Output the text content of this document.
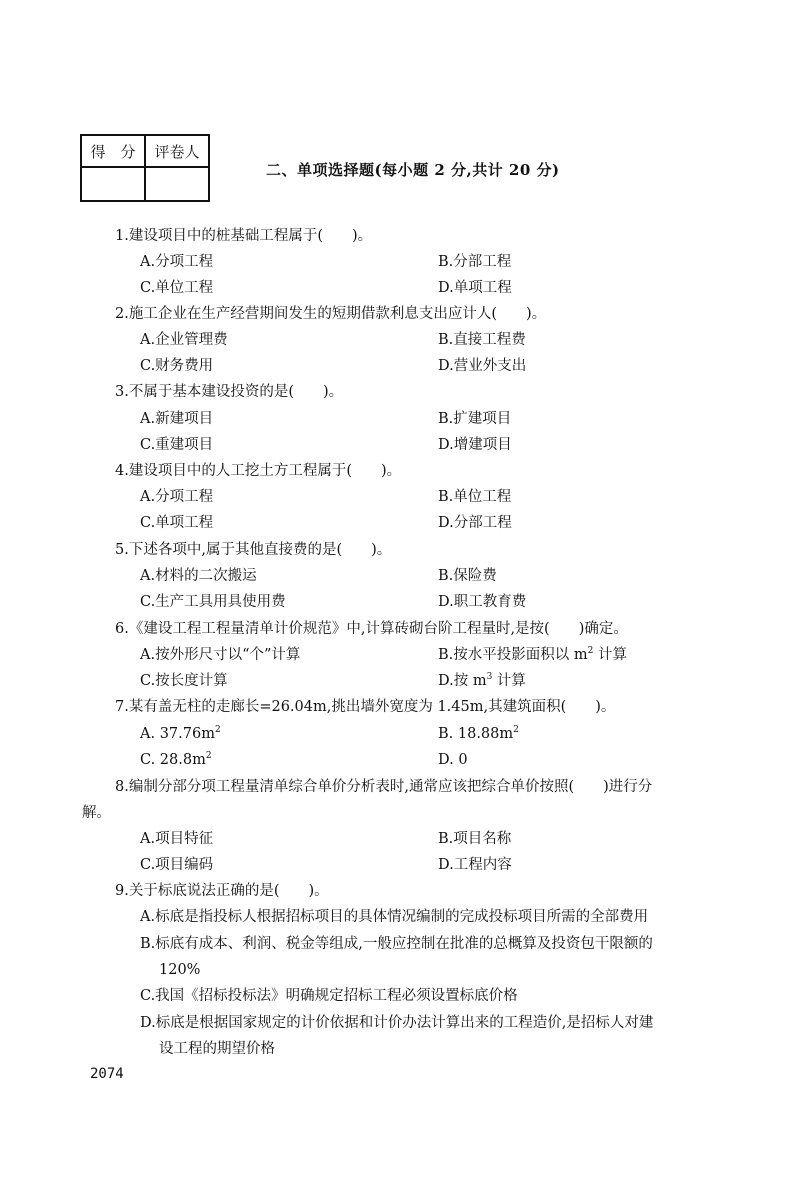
得　分	评卷人

二、单项选择题(每小题 2 分,共计 20 分)
1.建设项目中的桩基础工程属于(　　)。
A.分项工程	B.分部工程
C.单位工程	D.单项工程
2.施工企业在生产经营期间发生的短期借款利息支出应计人(　　)。
A.企业管理费	B.直接工程费
C.财务费用	D.营业外支出
3.不属于基本建设投资的是(　　)。
A.新建项目	B.扩建项目
C.重建项目	D.增建项目
4.建设项目中的人工挖土方工程属于(　　)。
A.分项工程	B.单位工程
C.单项工程	D.分部工程
5.下述各项中,属于其他直接费的是(　　)。
A.材料的二次搬运	B.保险费
C.生产工具用具使用费	D.职工教育费
6.《建设工程工程量清单计价规范》中,计算砖砌台阶工程量时,是按(　　)确定。
A.按外形尺寸以“个”计算	B.按水平投影面积以 $m^2$ 计算
C.按长度计算	D.按 $m^3$ 计算
7.某有盖无柱的走廊长=26.04m,挑出墙外宽度为 1.45m,其建筑面积(　　)。
A. $37.76m^2$	B. $18.88m^2$
C. $28.8m^2$	D. 0
8.编制分部分项工程量清单综合单价分析表时,通常应该把综合单价按照(　　)进行分
解。
A.项目特征	B.项目名称
C.项目编码	D.工程内容
9.关于标底说法正确的是(　　)。
A.标底是指投标人根据招标项目的具体情况编制的完成投标项目所需的全部费用
B.标底有成本、利润、税金等组成,一般应控制在批准的总概算及投资包干限额的
120%
C.我国《招标投标法》明确规定招标工程必须设置标底价格
D.标底是根据国家规定的计价依据和计价办法计算出来的工程造价,是招标人对建
设工程的期望价格
2074
